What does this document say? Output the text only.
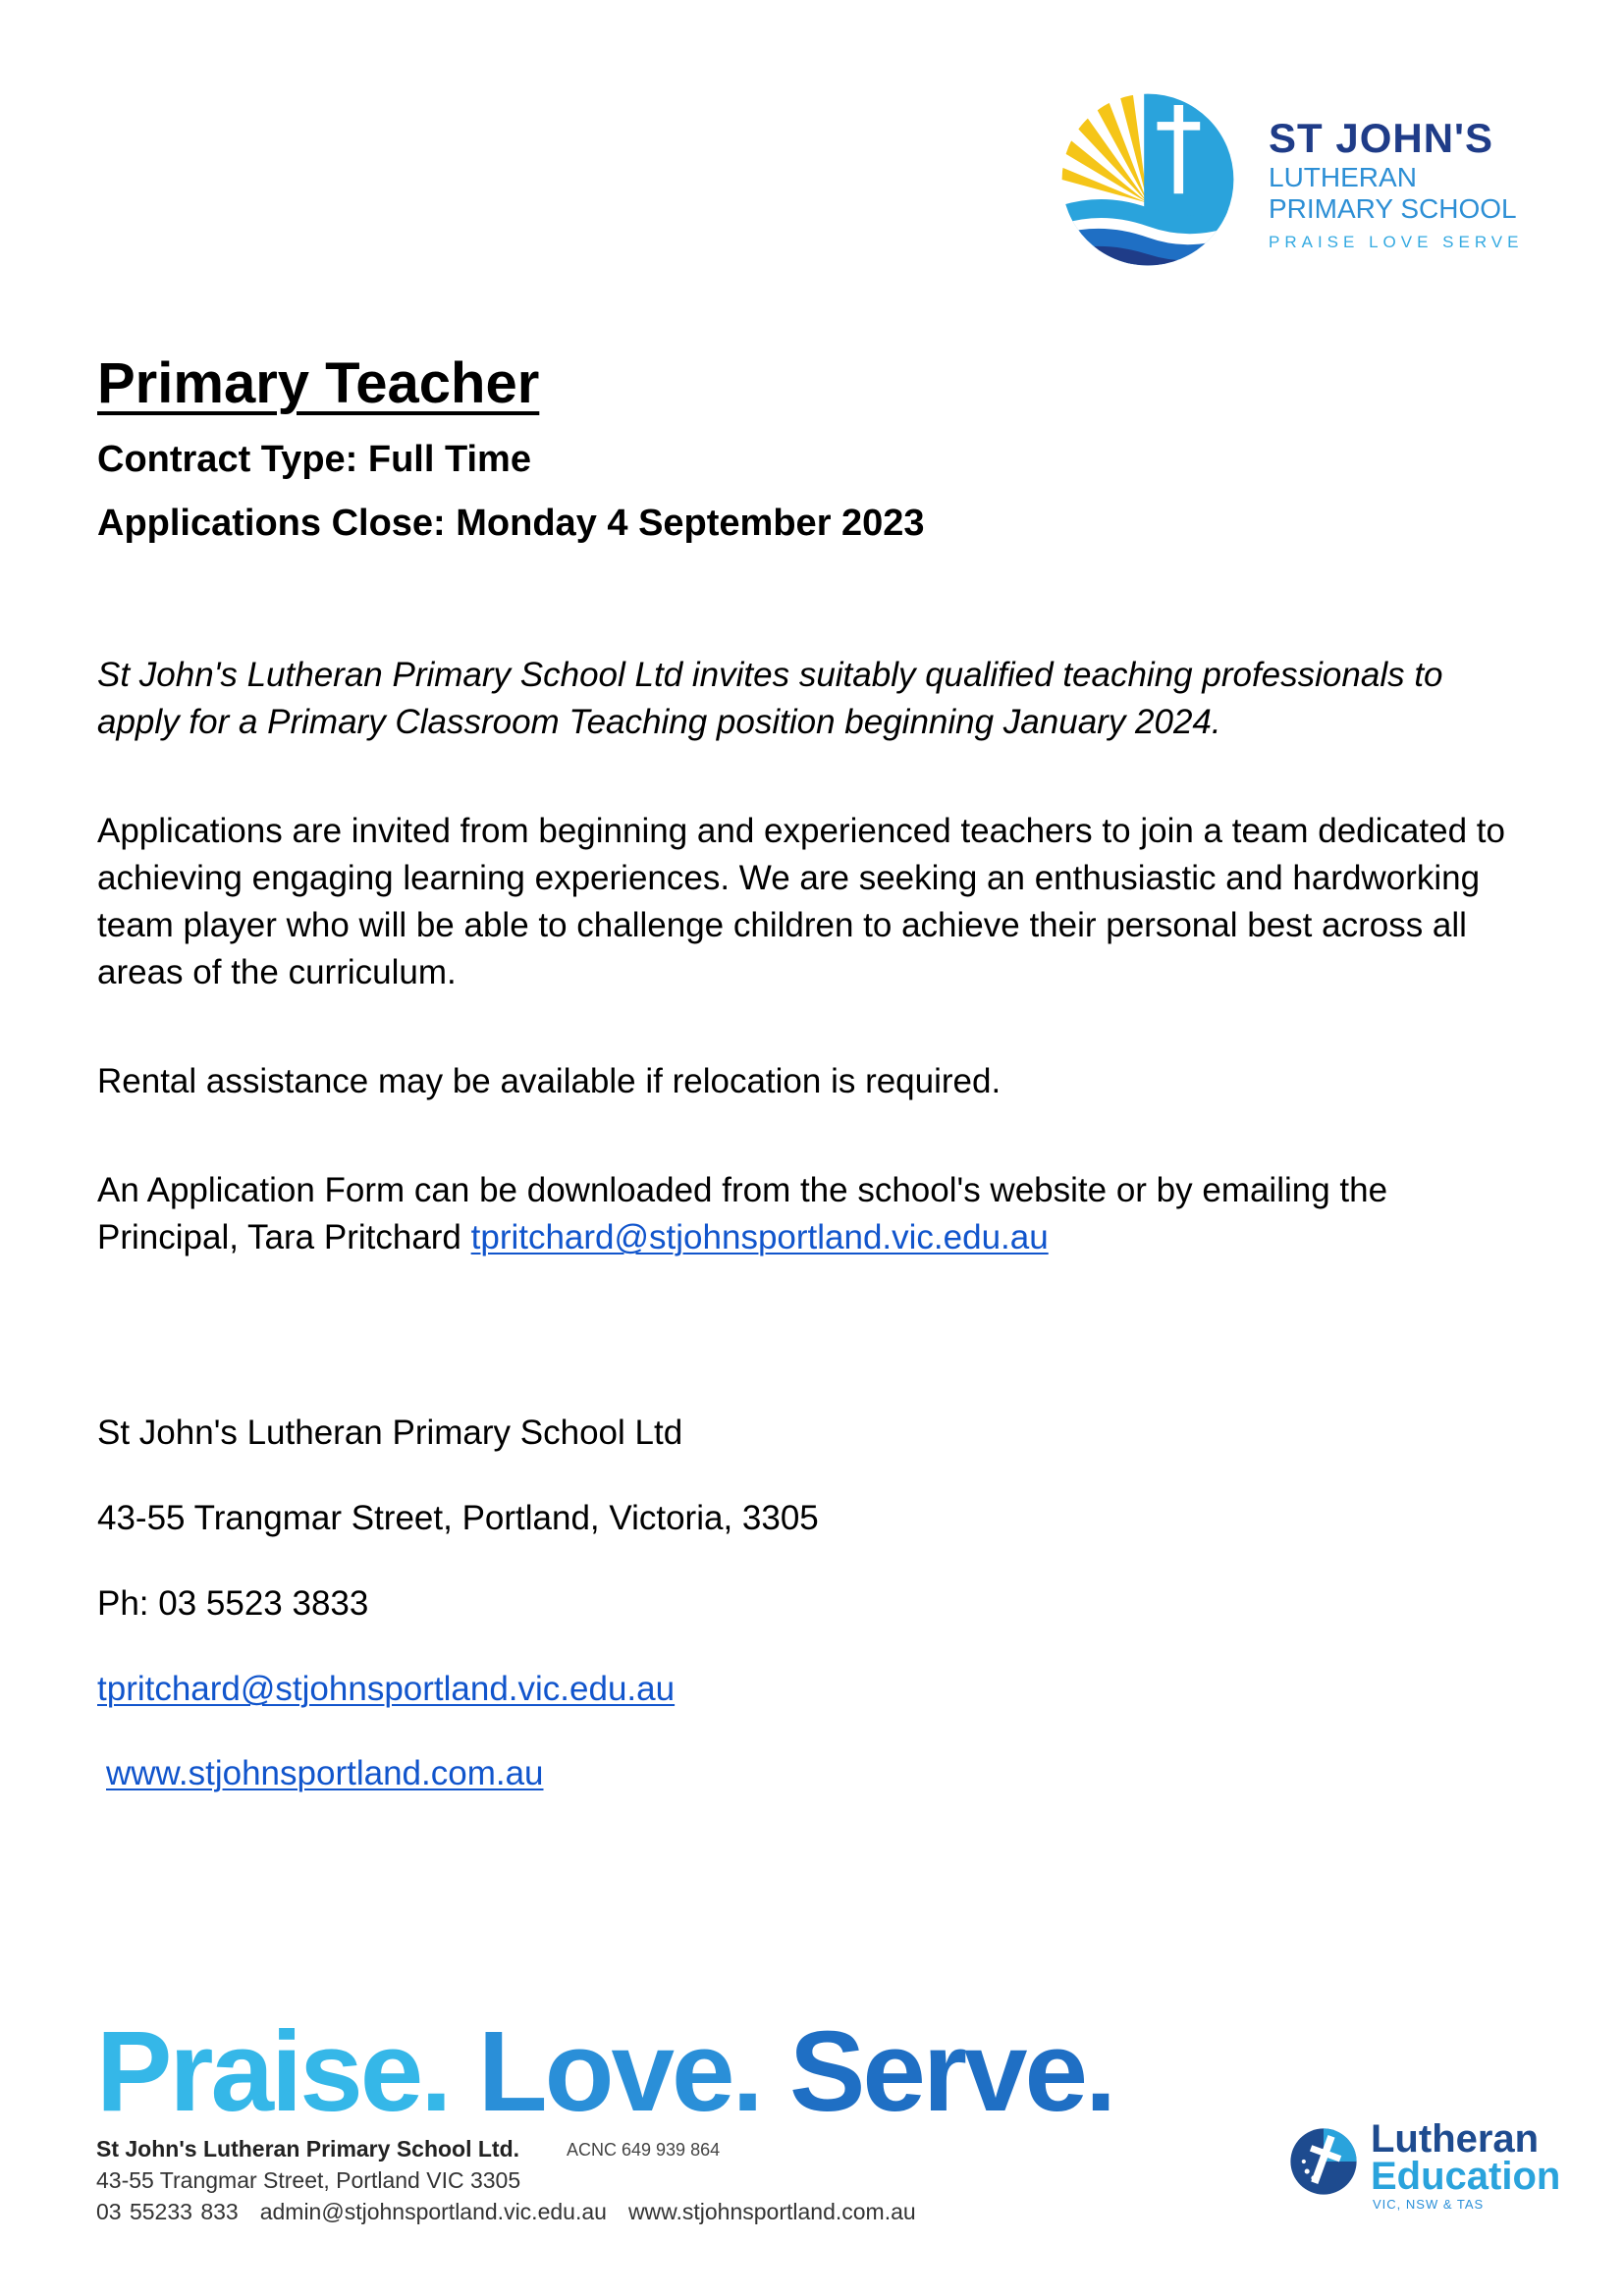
ST JOHN'S
LUTHERAN
PRIMARY SCHOOL
PRAISE LOVE SERVE
Primary Teacher
Contract Type: Full Time
Applications Close: Monday 4 September 2023
St John's Lutheran Primary School Ltd invites suitably qualified teaching professionals to apply for a Primary Classroom Teaching position beginning January 2024.
Applications are invited from beginning and experienced teachers to join a team dedicated to achieving engaging learning experiences. We are seeking an enthusiastic and hardworking team player who will be able to challenge children to achieve their personal best across all areas of the curriculum.
Rental assistance may be available if relocation is required.
An Application Form can be downloaded from the school's website or by emailing the Principal, Tara Pritchard tpritchard@stjohnsportland.vic.edu.au
St John's Lutheran Primary School Ltd
43-55 Trangmar Street, Portland, Victoria, 3305
Ph: 03 5523 3833
tpritchard@stjohnsportland.vic.edu.au
www.stjohnsportland.com.au
Praise. Love. Serve.
St John's Lutheran Primary School Ltd.	ACNC 649 939 864
43-55 Trangmar Street, Portland VIC 3305
03 55233 833 admin@stjohnsportland.vic.edu.au www.stjohnsportland.com.au
Lutheran
Education
VIC, NSW & TAS
